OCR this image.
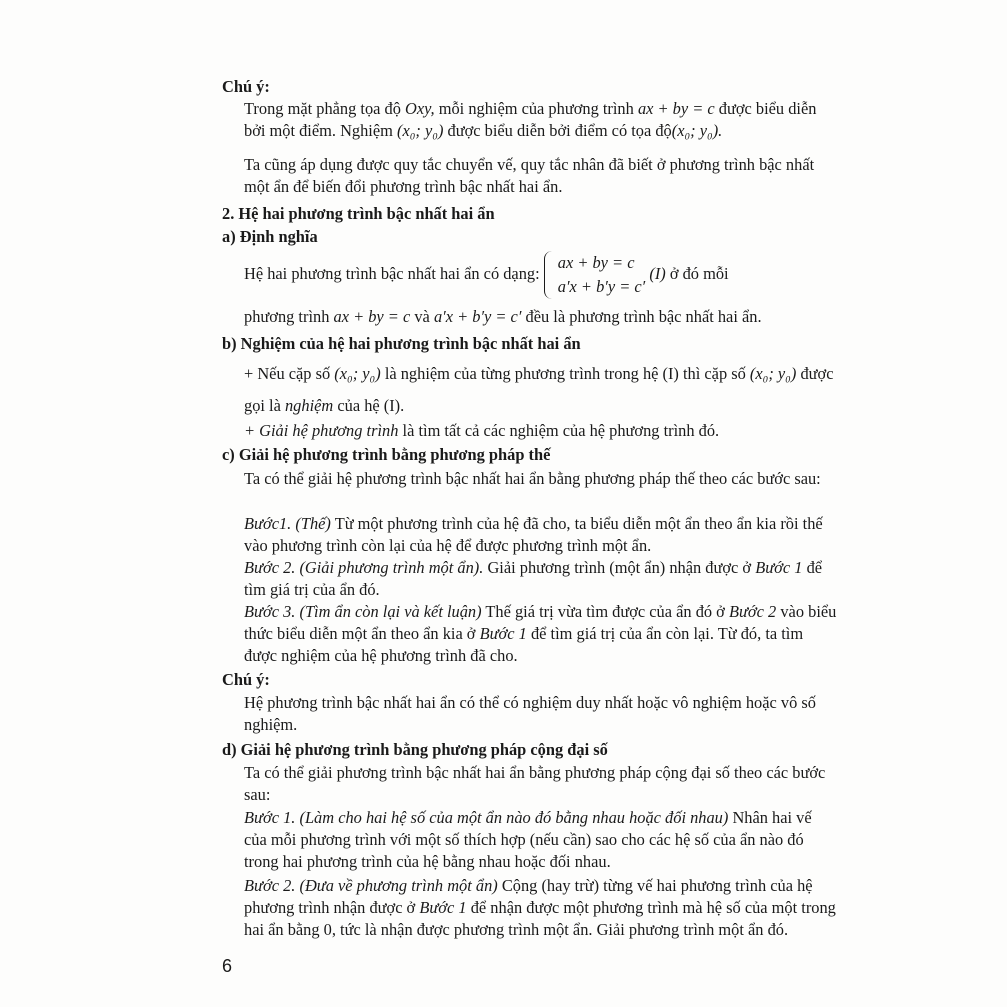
Chú ý:

Trong mặt phẳng tọa độ Oxy, mỗi nghiệm của phương trình ax + by = c được biểu diễn bởi một điểm. Nghiệm (x₀; y₀) được biểu diễn bởi điểm có tọa độ(x₀; y₀).

Ta cũng áp dụng được quy tắc chuyển vế, quy tắc nhân đã biết ở phương trình bậc nhất một ẩn để biến đổi phương trình bậc nhất hai ẩn.

2. Hệ hai phương trình bậc nhất hai ẩn
a) Định nghĩa
Hệ hai phương trình bậc nhất hai ẩn có dạng:
ax + by = c
a′x + b′y = c′
(I) ở đó mỗi
phương trình ax + by = c và a′x + b′y = c′ đều là phương trình bậc nhất hai ẩn.
b) Nghiệm của hệ hai phương trình bậc nhất hai ẩn

+ Nếu cặp số (x₀; y₀) là nghiệm của từng phương trình trong hệ (I) thì cặp số (x₀; y₀) được gọi là nghiệm của hệ (I).

+ Giải hệ phương trình là tìm tất cả các nghiệm của hệ phương trình đó.
c) Giải hệ phương trình bằng phương pháp thế

Ta có thể giải hệ phương trình bậc nhất hai ẩn bằng phương pháp thế theo các bước sau:

Bước1. (Thế) Từ một phương trình của hệ đã cho, ta biểu diễn một ẩn theo ẩn kia rồi thế vào phương trình còn lại của hệ để được phương trình một ẩn.

Bước 2. (Giải phương trình một ẩn). Giải phương trình (một ẩn) nhận được ở Bước 1 để tìm giá trị của ẩn đó.

Bước 3. (Tìm ẩn còn lại và kết luận) Thế giá trị vừa tìm được của ẩn đó ở Bước 2 vào biểu thức biểu diễn một ẩn theo ẩn kia ở Bước 1 để tìm giá trị của ẩn còn lại. Từ đó, ta tìm được nghiệm của hệ phương trình đã cho.

Chú ý:

Hệ phương trình bậc nhất hai ẩn có thể có nghiệm duy nhất hoặc vô nghiệm hoặc vô số nghiệm.

d) Giải hệ phương trình bằng phương pháp cộng đại số

Ta có thể giải phương trình bậc nhất hai ẩn bằng phương pháp cộng đại số theo các bước sau:

Bước 1. (Làm cho hai hệ số của một ẩn nào đó bằng nhau hoặc đối nhau) Nhân hai vế của mỗi phương trình với một số thích hợp (nếu cần) sao cho các hệ số của ẩn nào đó trong hai phương trình của hệ bằng nhau hoặc đối nhau.

Bước 2. (Đưa về phương trình một ẩn) Cộng (hay trừ) từng vế hai phương trình của hệ phương trình nhận được ở Bước 1 để nhận được một phương trình mà hệ số của một trong hai ẩn bằng 0, tức là nhận được phương trình một ẩn. Giải phương trình một ẩn đó.

6
